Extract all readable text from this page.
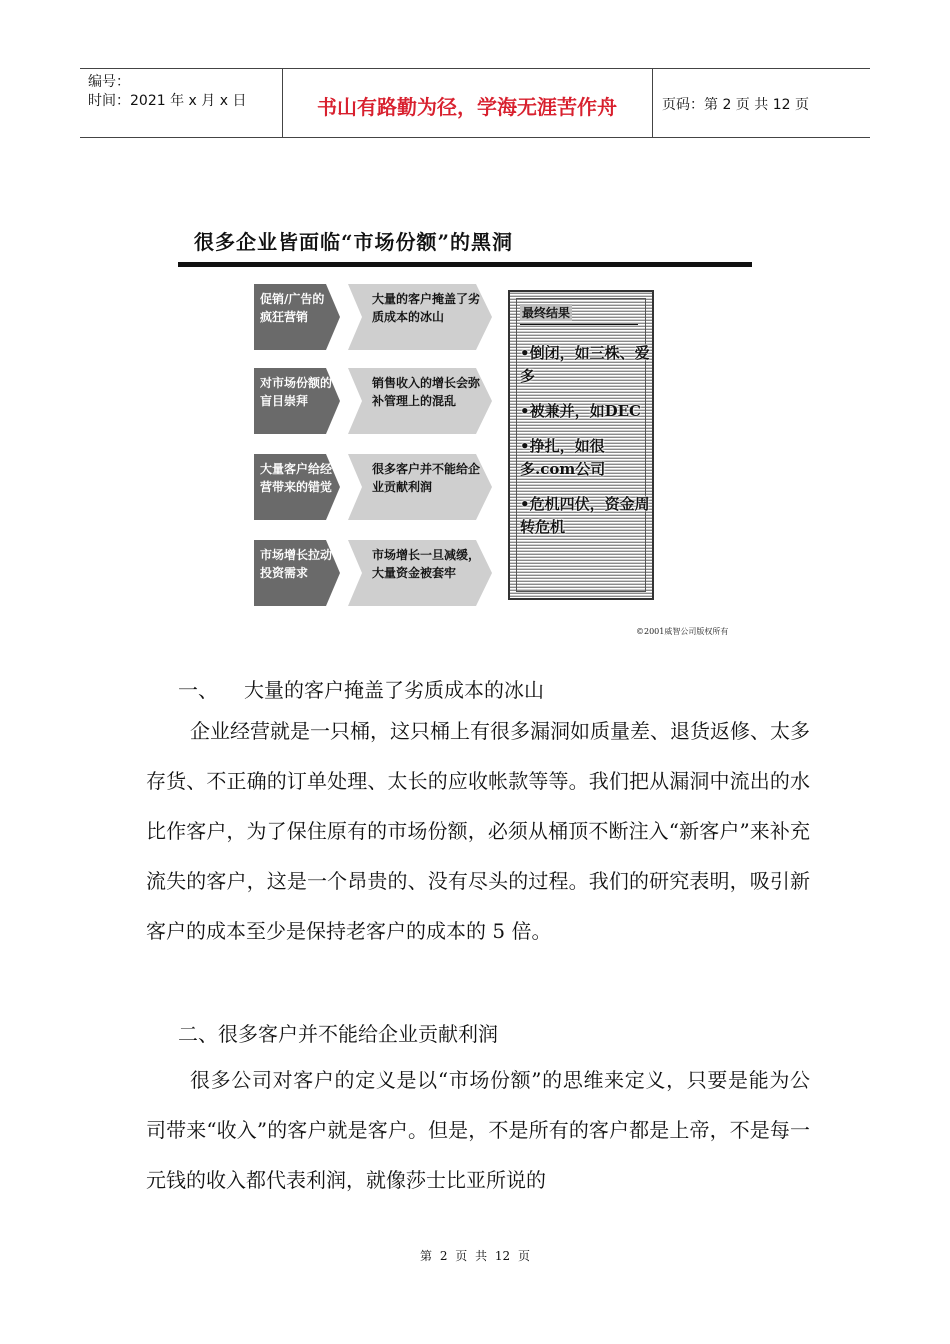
编号：
时间：2021 年 x 月 x 日	书山有路勤为径，学海无涯苦作舟	页码：第 2 页 共 12 页
很多企业皆面临“市场份额”的黑洞
促销/广告的疯狂营销
大量的客户掩盖了劣质成本的冰山
对市场份额的盲目崇拜
销售收入的增长会弥补管理上的混乱
大量客户给经营带来的错觉
很多客户并不能给企业贡献利润
市场增长拉动投资需求
市场增长一旦减缓，大量资金被套牢
最终结果
•倒闭，如三株、爱多
•被兼并，如DEC
•挣扎，如很多.com公司
•危机四伏，资金周转危机
©2001威智公司版权所有
一、 大量的客户掩盖了劣质成本的冰山
企业经营就是一只桶，这只桶上有很多漏洞如质量差、退货返修、太多存货、不正确的订单处理、太长的应收帐款等等。我们把从漏洞中流出的水比作客户，为了保住原有的市场份额，必须从桶顶不断注入“新客户”来补充流失的客户，这是一个昂贵的、没有尽头的过程。我们的研究表明，吸引新客户的成本至少是保持老客户的成本的 5 倍。
二、很多客户并不能给企业贡献利润
很多公司对客户的定义是以“市场份额”的思维来定义，只要是能为公司带来“收入”的客户就是客户。但是，不是所有的客户都是上帝，不是每一元钱的收入都代表利润，就像莎士比亚所说的
第 2 页 共 12 页
